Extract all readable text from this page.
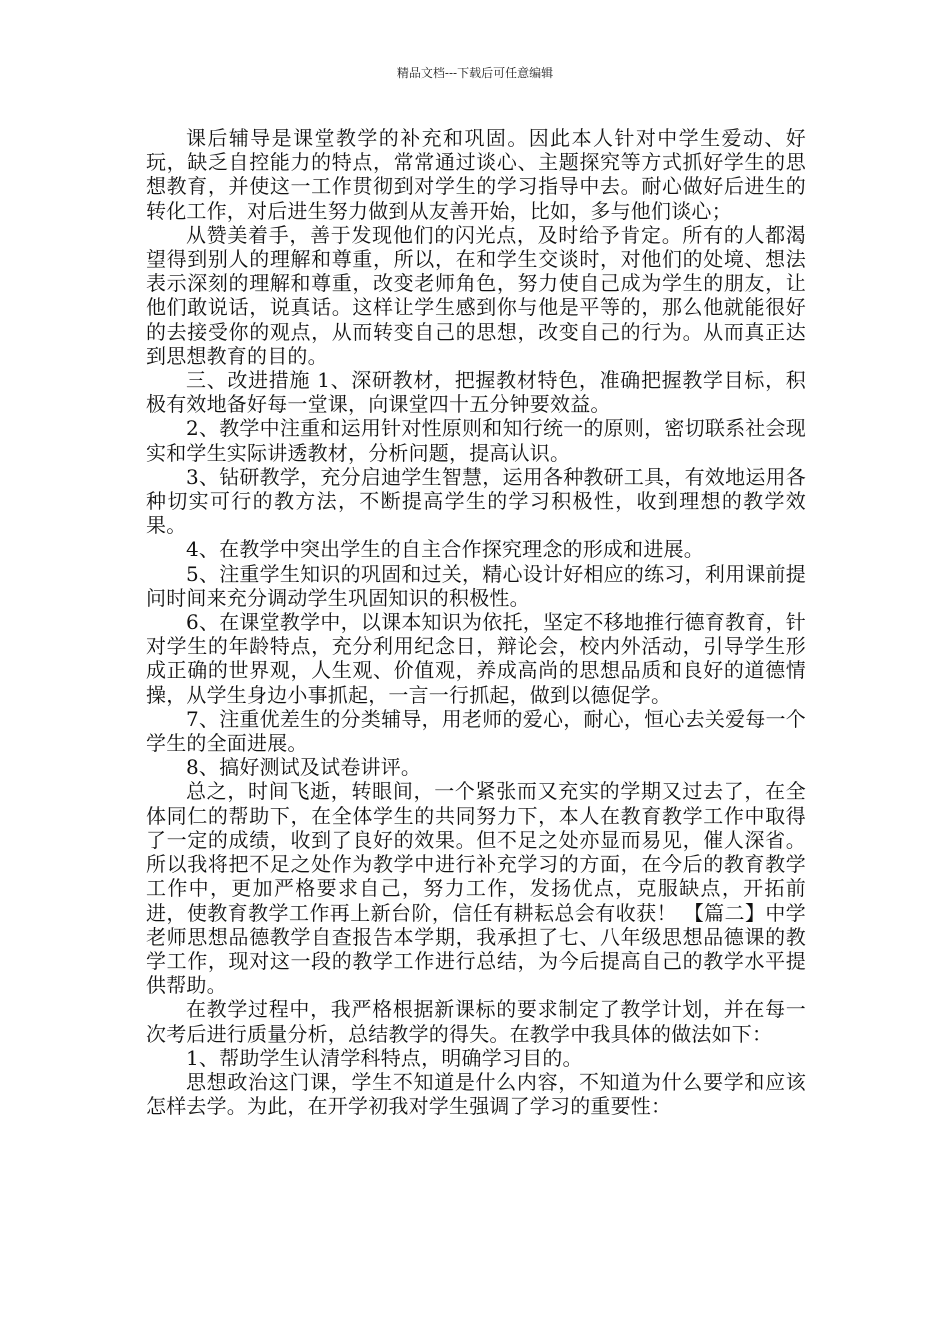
精品文档---下载后可任意编辑

课后辅导是课堂教学的补充和巩固。因此本人针对中学生爱动、好玩，缺乏自控能力的特点，常常通过谈心、主题探究等方式抓好学生的思想教育，并使这一工作贯彻到对学生的学习指导中去。耐心做好后进生的转化工作，对后进生努力做到从友善开始，比如，多与他们谈心；

从赞美着手，善于发现他们的闪光点，及时给予肯定。所有的人都渴望得到别人的理解和尊重，所以，在和学生交谈时，对他们的处境、想法表示深刻的理解和尊重，改变老师角色，努力使自己成为学生的朋友，让他们敢说话，说真话。这样让学生感到你与他是平等的，那么他就能很好的去接受你的观点，从而转变自己的思想，改变自己的行为。从而真正达到思想教育的目的。

三、改进措施 1、深研教材，把握教材特色，准确把握教学目标，积极有效地备好每一堂课，向课堂四十五分钟要效益。

2、教学中注重和运用针对性原则和知行统一的原则，密切联系社会现实和学生实际讲透教材，分析问题，提高认识。

3、钻研教学，充分启迪学生智慧，运用各种教研工具，有效地运用各种切实可行的教方法，不断提高学生的学习积极性，收到理想的教学效果。

4、在教学中突出学生的自主合作探究理念的形成和进展。

5、注重学生知识的巩固和过关，精心设计好相应的练习，利用课前提问时间来充分调动学生巩固知识的积极性。

6、在课堂教学中，以课本知识为依托，坚定不移地推行德育教育，针对学生的年龄特点，充分利用纪念日，辩论会，校内外活动，引导学生形成正确的世界观，人生观、价值观，养成高尚的思想品质和良好的道德情操，从学生身边小事抓起，一言一行抓起，做到以德促学。

7、注重优差生的分类辅导，用老师的爱心，耐心，恒心去关爱每一个学生的全面进展。

8、搞好测试及试卷讲评。

总之，时间飞逝，转眼间，一个紧张而又充实的学期又过去了，在全体同仁的帮助下，在全体学生的共同努力下，本人在教育教学工作中取得了一定的成绩，收到了良好的效果。但不足之处亦显而易见，催人深省。所以我将把不足之处作为教学中进行补充学习的方面，在今后的教育教学工作中，更加严格要求自己，努力工作，发扬优点，克服缺点，开拓前进，使教育教学工作再上新台阶，信任有耕耘总会有收获！ 【篇二】中学老师思想品德教学自查报告本学期，我承担了七、八年级思想品德课的教学工作，现对这一段的教学工作进行总结，为今后提高自己的教学水平提供帮助。

在教学过程中，我严格根据新课标的要求制定了教学计划，并在每一次考后进行质量分析，总结教学的得失。在教学中我具体的做法如下：

1、帮助学生认清学科特点，明确学习目的。

思想政治这门课，学生不知道是什么内容，不知道为什么要学和应该怎样去学。为此，在开学初我对学生强调了学习的重要性：
